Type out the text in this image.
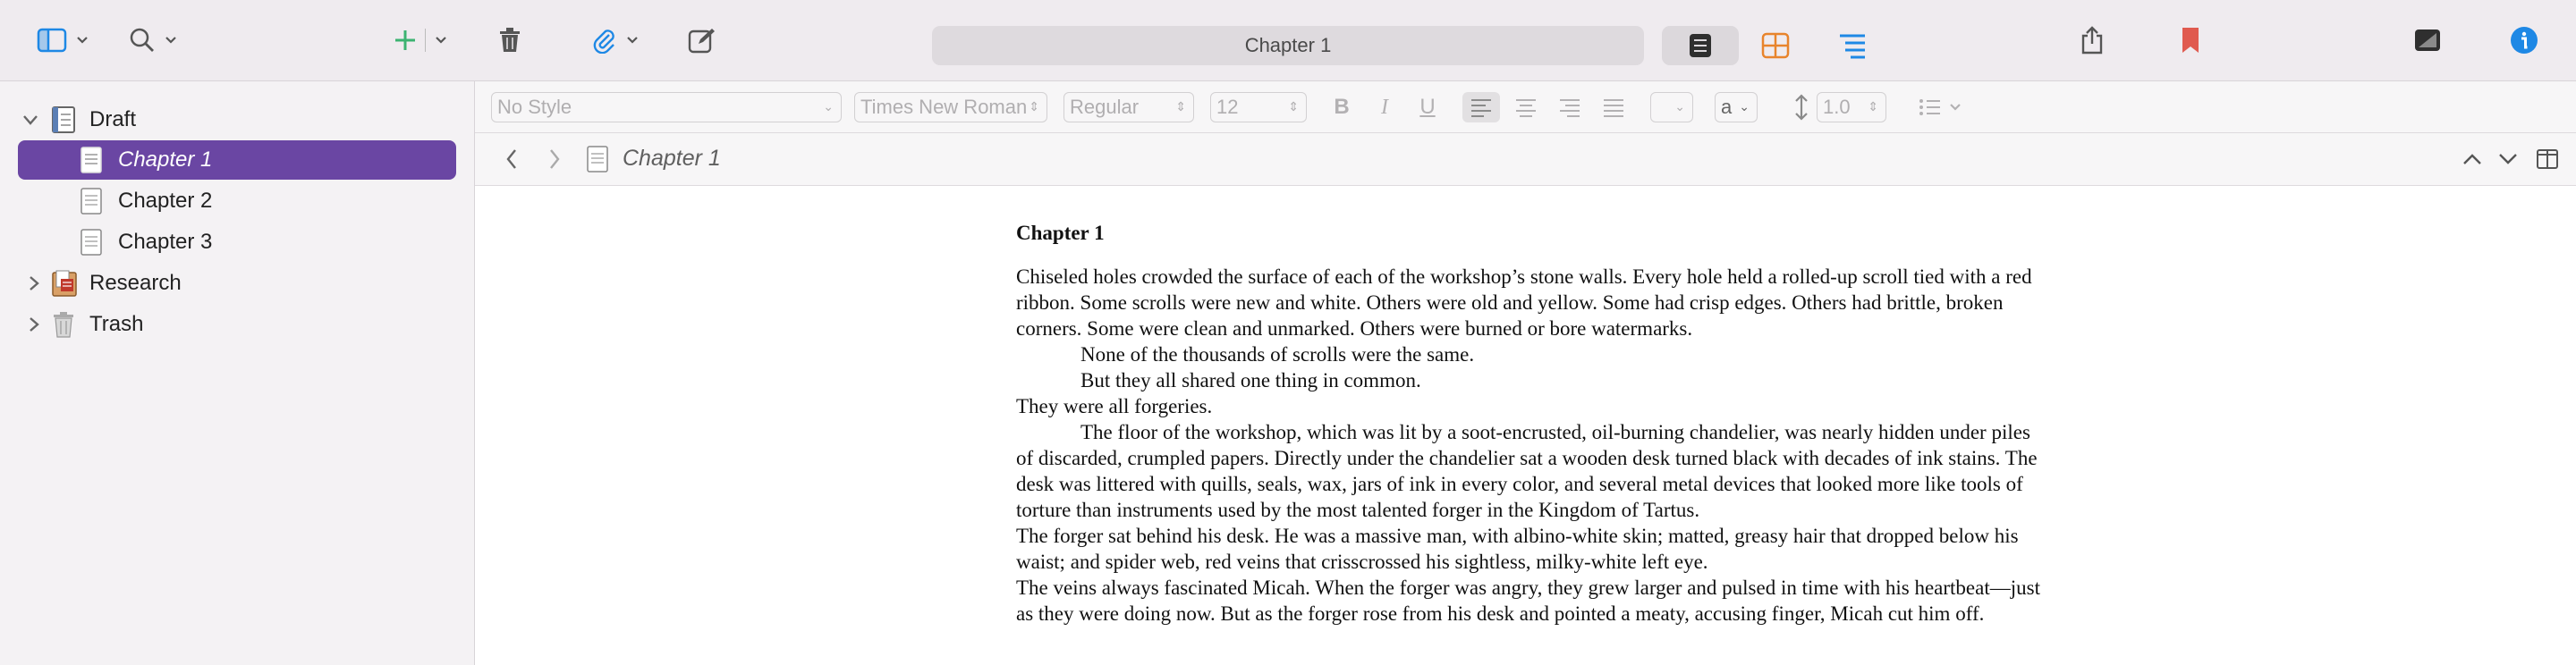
Chapter 1
Draft
Chapter 1
Chapter 2
Chapter 3
Research
Trash
No Style	⌄ Times New Roman ⇕ Regular	⇕ 12	⇕	B	I	U	⌄ a ⌄	1.0 ⇕
Chapter 1
Chapter 1

Chiseled holes crowded the surface of each of the workshop’s stone walls. Every hole held a rolled-up scroll tied with a red ribbon. Some scrolls were new and white. Others were old and yellow. Some had crisp edges. Others had brittle, broken corners. Some were clean and unmarked. Others were burned or bore watermarks.

None of the thousands of scrolls were the same.

But they all shared one thing in common.

They were all forgeries.

The floor of the workshop, which was lit by a soot-encrusted, oil-burning chandelier, was nearly hidden under piles of discarded, crumpled papers. Directly under the chandelier sat a wooden desk turned black with decades of ink stains. The desk was littered with quills, seals, wax, jars of ink in every color, and several metal devices that looked more like tools of torture than instruments used by the most talented forger in the Kingdom of Tartus.

The forger sat behind his desk. He was a massive man, with albino-white skin; matted, greasy hair that dropped below his waist; and spider web, red veins that crisscrossed his sightless, milky-white left eye.

The veins always fascinated Micah. When the forger was angry, they grew larger and pulsed in time with his heartbeat—just as they were doing now. But as the forger rose from his desk and pointed a meaty, accusing finger, Micah cut him off.
